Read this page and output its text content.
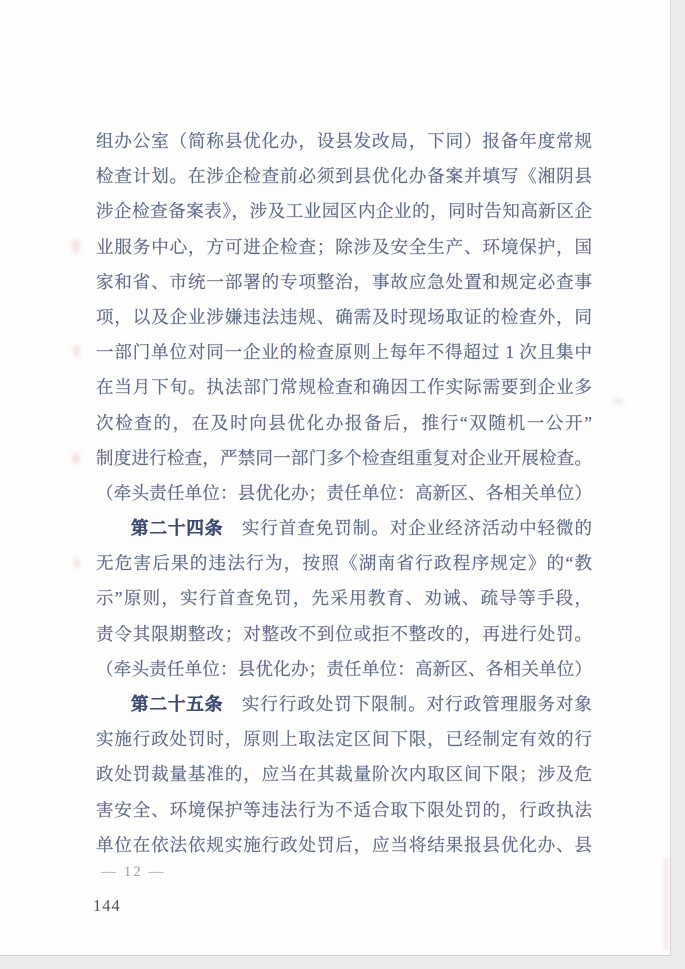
组办公室（简称县优化办，设县发改局，下同）报备年度常规
检查计划。在涉企检查前必须到县优化办备案并填写《湘阴县
涉企检查备案表》，涉及工业园区内企业的，同时告知高新区企
业服务中心，方可进企检查；除涉及安全生产、环境保护，国
家和省、市统一部署的专项整治，事故应急处置和规定必查事
项，以及企业涉嫌违法违规、确需及时现场取证的检查外，同
一部门单位对同一企业的检查原则上每年不得超过 1 次且集中
在当月下旬。执法部门常规检查和确因工作实际需要到企业多
次检查的，在及时向县优化办报备后，推行“双随机一公开”
制度进行检查，严禁同一部门多个检查组重复对企业开展检查。
（牵头责任单位：县优化办；责任单位：高新区、各相关单位）
第二十四条　实行首查免罚制。对企业经济活动中轻微的
无危害后果的违法行为，按照《湖南省行政程序规定》的“教
示”原则，实行首查免罚，先采用教育、劝诫、疏导等手段，
责令其限期整改；对整改不到位或拒不整改的，再进行处罚。
（牵头责任单位：县优化办；责任单位：高新区、各相关单位）
第二十五条　实行行政处罚下限制。对行政管理服务对象
实施行政处罚时，原则上取法定区间下限，已经制定有效的行
政处罚裁量基准的，应当在其裁量阶次内取区间下限；涉及危
害安全、环境保护等违法行为不适合取下限处罚的，行政执法
单位在依法依规实施行政处罚后，应当将结果报县优化办、县
— 12 —
144
